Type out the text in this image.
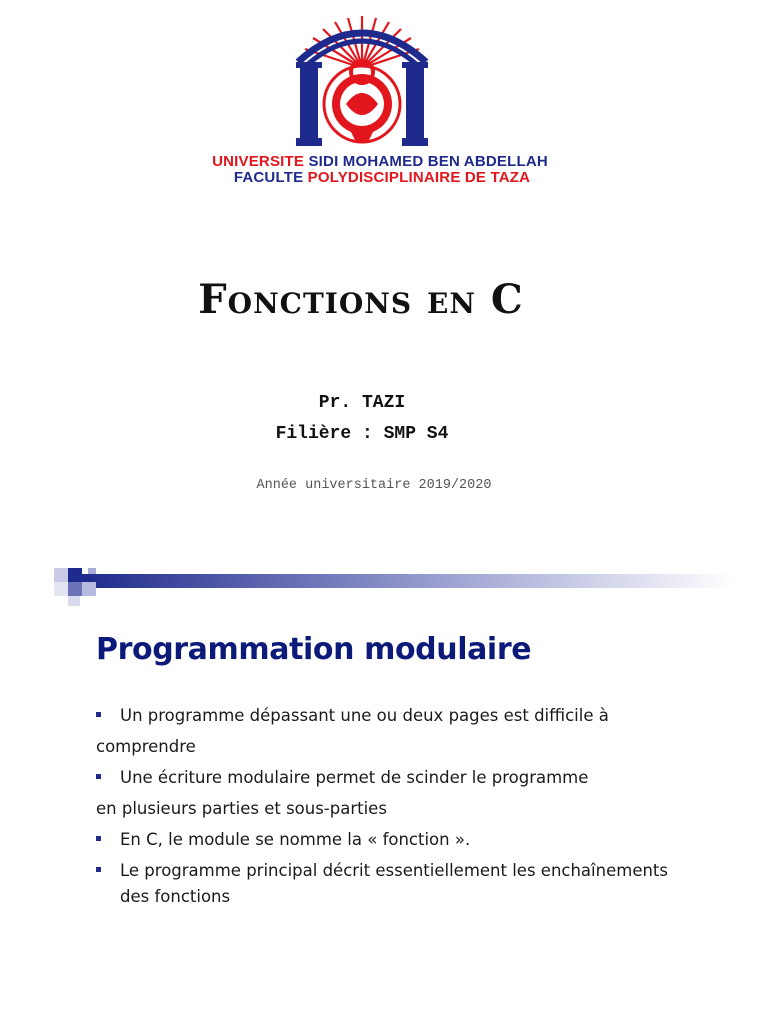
UNIVERSITE SIDI MOHAMED BEN ABDELLAH
FACULTE POLYDISCIPLINAIRE DE TAZA
Fonctions en C
Pr. TAZI
Filière : SMP S4
Année universitaire 2019/2020
Programmation modulaire
Un programme dépassant une ou deux pages est difficile à
comprendre
Une écriture modulaire permet de scinder le programme
en plusieurs parties et sous-parties
En C, le module se nomme la « fonction ».
Le programme principal décrit essentiellement les enchaînements des fonctions
